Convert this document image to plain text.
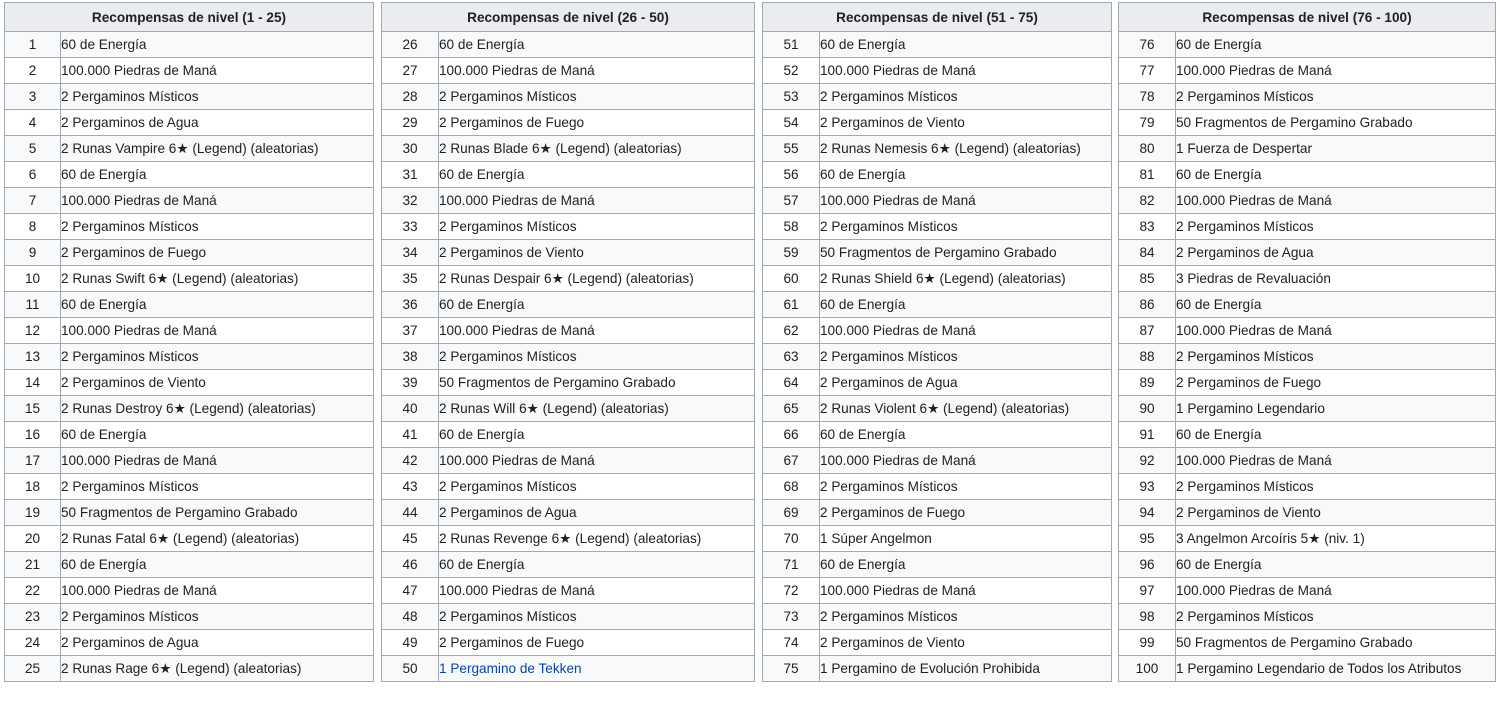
Recompensas de nivel (1 - 25)	
1	60 de Energía
2	100.000 Piedras de Maná
3	2 Pergaminos Místicos
4	2 Pergaminos de Agua
5	2 Runas Vampire 6★ (Legend) (aleatorias)
6	60 de Energía
7	100.000 Piedras de Maná
8	2 Pergaminos Místicos
9	2 Pergaminos de Fuego
10	2 Runas Swift 6★ (Legend) (aleatorias)
11	60 de Energía
12	100.000 Piedras de Maná
13	2 Pergaminos Místicos
14	2 Pergaminos de Viento
15	2 Runas Destroy 6★ (Legend) (aleatorias)
16	60 de Energía
17	100.000 Piedras de Maná
18	2 Pergaminos Místicos
19	50 Fragmentos de Pergamino Grabado
20	2 Runas Fatal 6★ (Legend) (aleatorias)
21	60 de Energía
22	100.000 Piedras de Maná
23	2 Pergaminos Místicos
24	2 Pergaminos de Agua
25	2 Runas Rage 6★ (Legend) (aleatorias)
Recompensas de nivel (26 - 50)	
26	60 de Energía
27	100.000 Piedras de Maná
28	2 Pergaminos Místicos
29	2 Pergaminos de Fuego
30	2 Runas Blade 6★ (Legend) (aleatorias)
31	60 de Energía
32	100.000 Piedras de Maná
33	2 Pergaminos Místicos
34	2 Pergaminos de Viento
35	2 Runas Despair 6★ (Legend) (aleatorias)
36	60 de Energía
37	100.000 Piedras de Maná
38	2 Pergaminos Místicos
39	50 Fragmentos de Pergamino Grabado
40	2 Runas Will 6★ (Legend) (aleatorias)
41	60 de Energía
42	100.000 Piedras de Maná
43	2 Pergaminos Místicos
44	2 Pergaminos de Agua
45	2 Runas Revenge 6★ (Legend) (aleatorias)
46	60 de Energía
47	100.000 Piedras de Maná
48	2 Pergaminos Místicos
49	2 Pergaminos de Fuego
50	1 Pergamino de Tekken
Recompensas de nivel (51 - 75)	
51	60 de Energía
52	100.000 Piedras de Maná
53	2 Pergaminos Místicos
54	2 Pergaminos de Viento
55	2 Runas Nemesis 6★ (Legend) (aleatorias)
56	60 de Energía
57	100.000 Piedras de Maná
58	2 Pergaminos Místicos
59	50 Fragmentos de Pergamino Grabado
60	2 Runas Shield 6★ (Legend) (aleatorias)
61	60 de Energía
62	100.000 Piedras de Maná
63	2 Pergaminos Místicos
64	2 Pergaminos de Agua
65	2 Runas Violent 6★ (Legend) (aleatorias)
66	60 de Energía
67	100.000 Piedras de Maná
68	2 Pergaminos Místicos
69	2 Pergaminos de Fuego
70	1 Súper Angelmon
71	60 de Energía
72	100.000 Piedras de Maná
73	2 Pergaminos Místicos
74	2 Pergaminos de Viento
75	1 Pergamino de Evolución Prohibida
Recompensas de nivel (76 - 100)	
76	60 de Energía
77	100.000 Piedras de Maná
78	2 Pergaminos Místicos
79	50 Fragmentos de Pergamino Grabado
80	1 Fuerza de Despertar
81	60 de Energía
82	100.000 Piedras de Maná
83	2 Pergaminos Místicos
84	2 Pergaminos de Agua
85	3 Piedras de Revaluación
86	60 de Energía
87	100.000 Piedras de Maná
88	2 Pergaminos Místicos
89	2 Pergaminos de Fuego
90	1 Pergamino Legendario
91	60 de Energía
92	100.000 Piedras de Maná
93	2 Pergaminos Místicos
94	2 Pergaminos de Viento
95	3 Angelmon Arcoíris 5★ (niv. 1)
96	60 de Energía
97	100.000 Piedras de Maná
98	2 Pergaminos Místicos
99	50 Fragmentos de Pergamino Grabado
100	1 Pergamino Legendario de Todos los Atributos
